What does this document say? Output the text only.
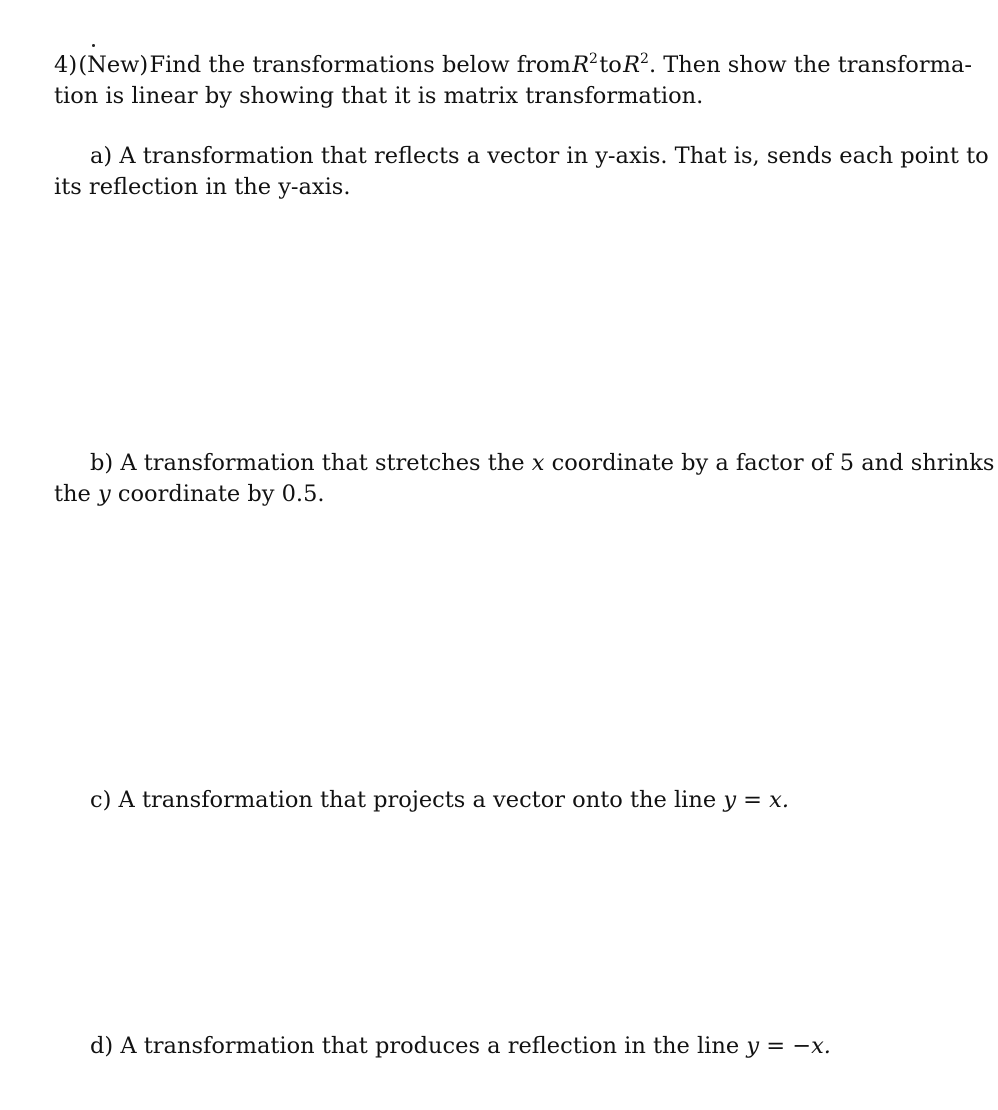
4) (New) Find the transformations below from $R^2$ to $R^2$. Then show the transforma-
tion is linear by showing that it is matrix transformation.
a)
A transformation that reflects a vector in y-axis. That is, sends each point to
its reflection in the y-axis.
b)
A transformation that stretches the x coordinate by a factor of 5 and shrinks
the y coordinate by 0.5.
c) A transformation that projects a vector onto the line y = x.
d) A transformation that produces a reflection in the line y = −x.
